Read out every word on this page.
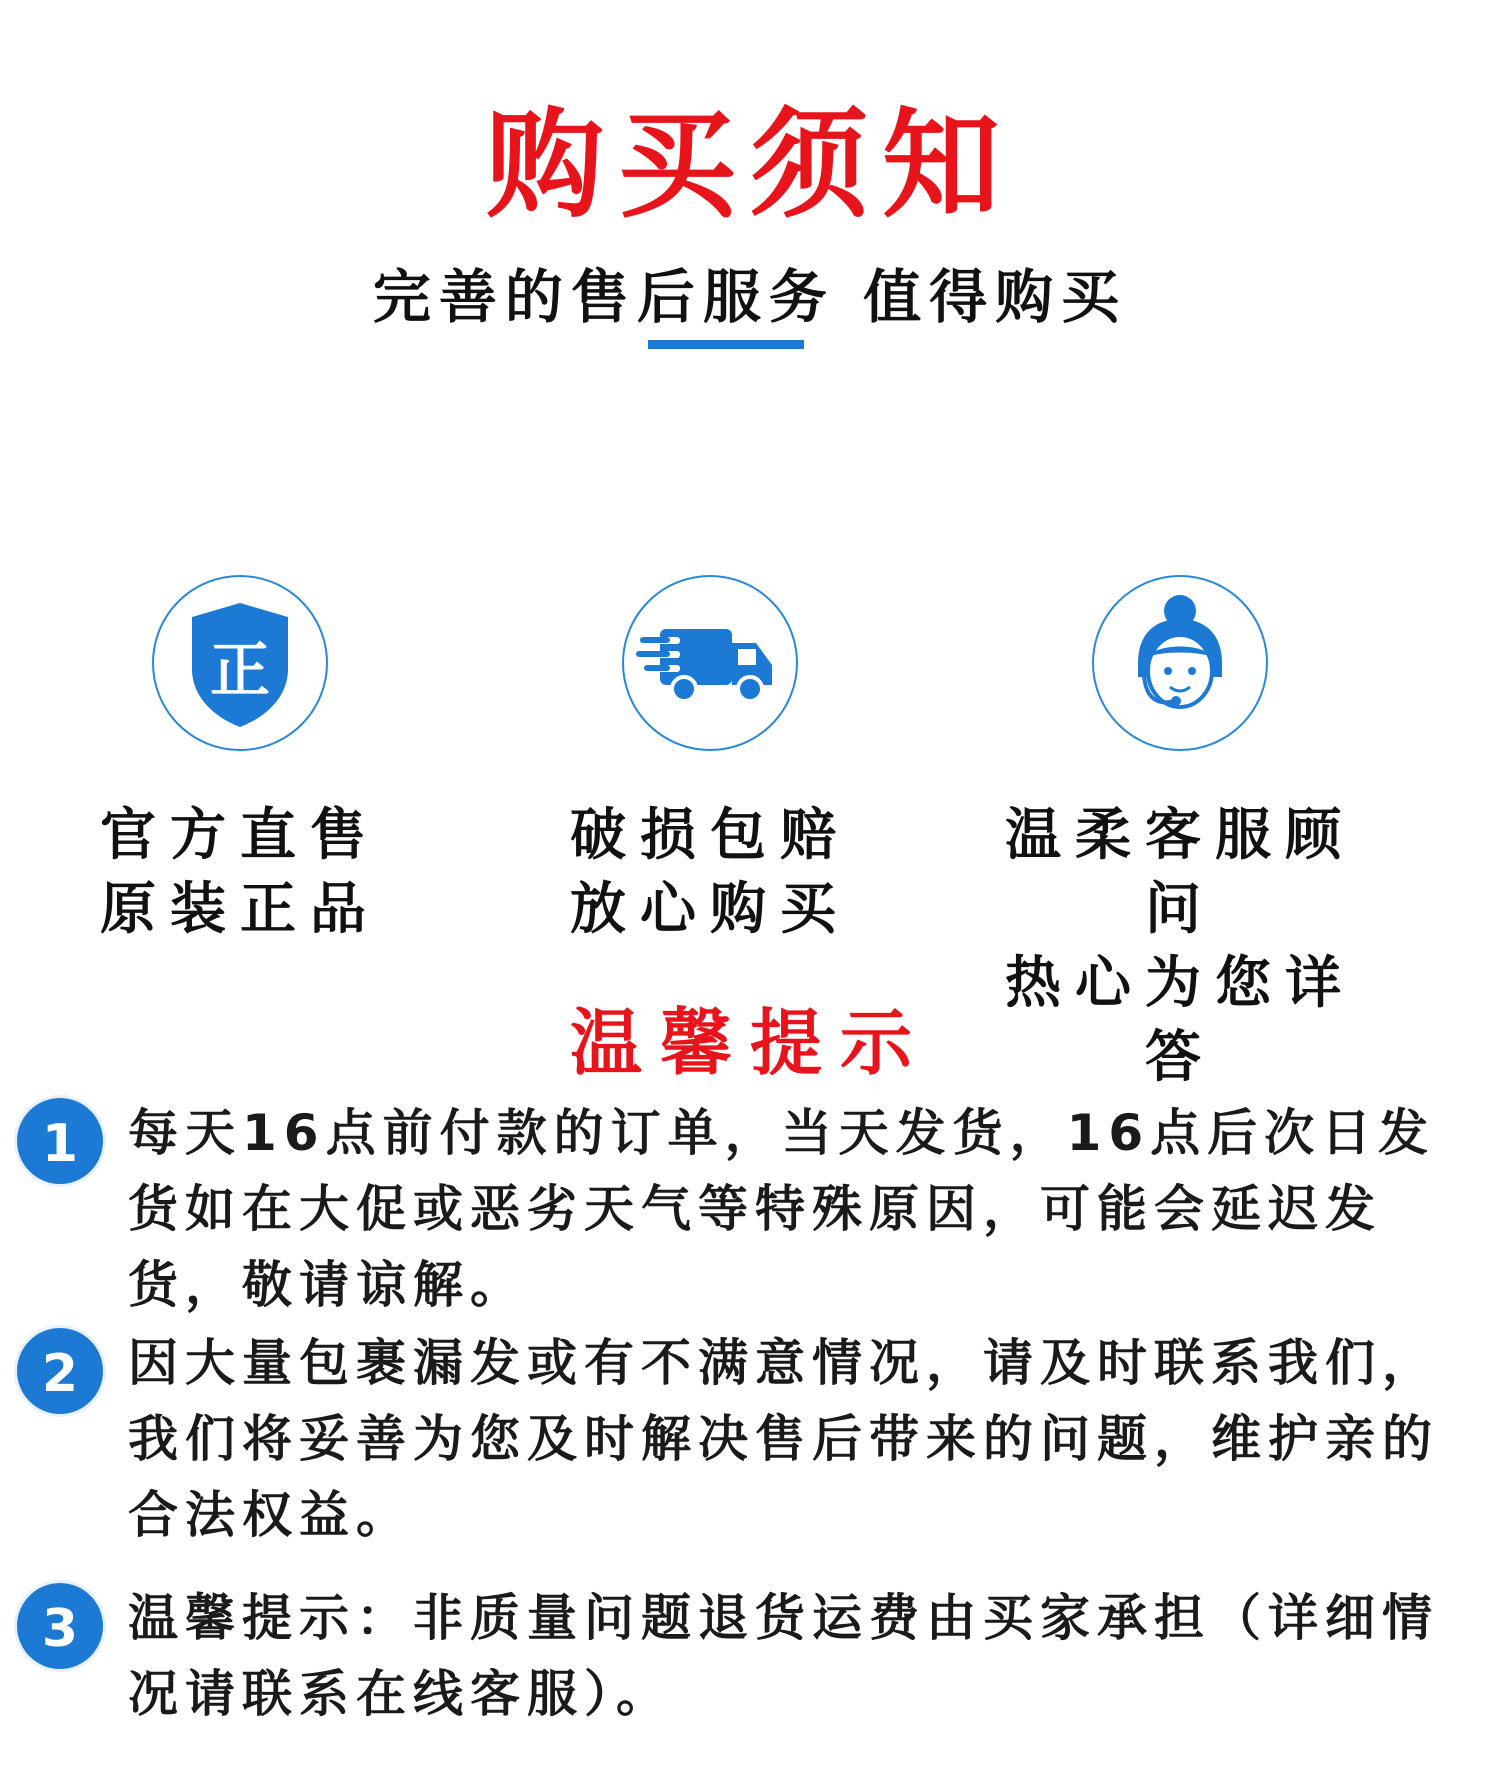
购买须知
完善的售后服务 值得购买
正
官方直售
原装正品
破损包赔
放心购买
温柔客服顾问
热心为您详答
温馨提示
1 每天16点前付款的订单，当天发货，16点后次日发货如在大促或恶劣天气等特殊原因，可能会延迟发货，敬请谅解。
2 因大量包裹漏发或有不满意情况，请及时联系我们，我们将妥善为您及时解决售后带来的问题，维护亲的合法权益。
3 温馨提示：非质量问题退货运费由买家承担（详细情况请联系在线客服）。
